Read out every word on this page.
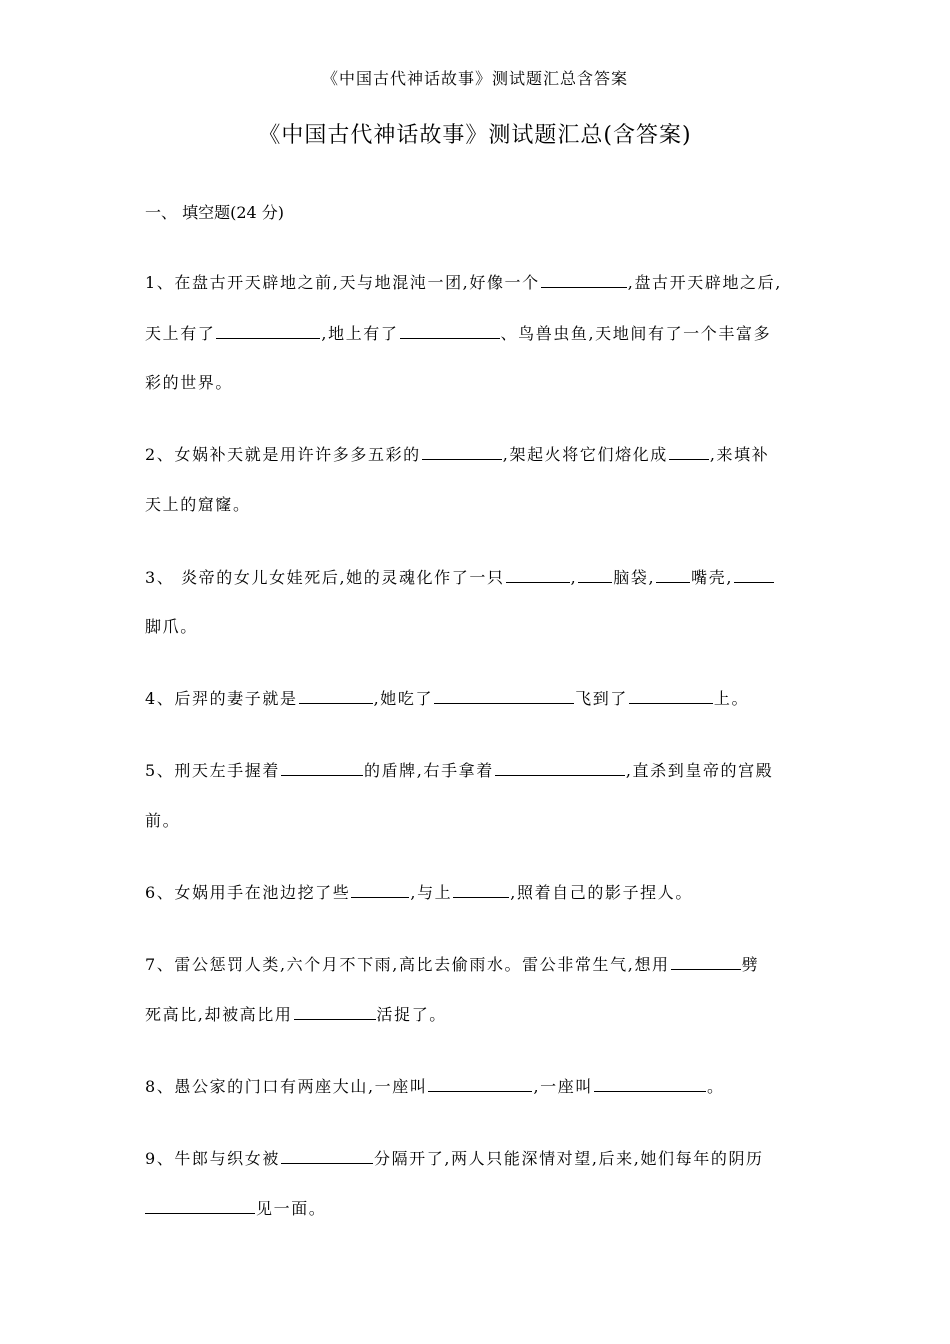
《中国古代神话故事》测试题汇总含答案
《中国古代神话故事》测试题汇总(含答案)
一、 填空题(24 分)
1、在盘古开天辟地之前,天与地混沌一团,好像一个	,盘古开天辟地之后,
天上有了	,地上有了	、鸟兽虫鱼,天地间有了一个丰富多
彩的世界。
2、女娲补天就是用许许多多五彩的	,架起火将它们熔化成	,来填补
天上的窟窿。
3、 炎帝的女儿女娃死后,她的灵魂化作了一只	, 脑袋, 嘴壳,
脚爪。
4、后羿的妻子就是	,她吃了	飞到了	上。
5、刑天左手握着	的盾牌,右手拿着	,直杀到皇帝的宫殿
前。
6、女娲用手在池边挖了些	,与上	,照着自己的影子捏人。
7、雷公惩罚人类,六个月不下雨,高比去偷雨水。雷公非常生气,想用	劈
死高比,却被高比用	活捉了。
8、愚公家的门口有两座大山,一座叫	,一座叫	。
9、牛郎与织女被	分隔开了,两人只能深情对望,后来,她们每年的阴历
见一面。
